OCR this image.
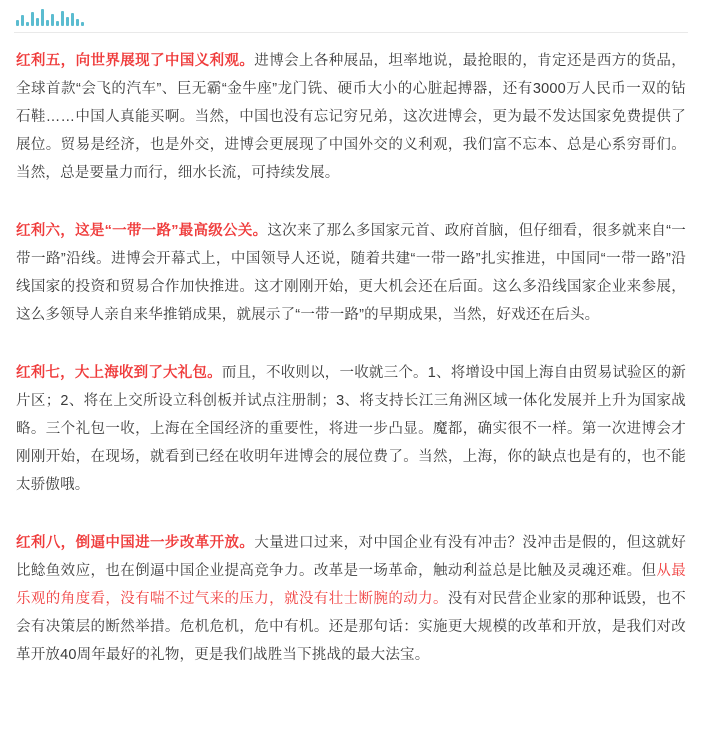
红利五，向世界展现了中国义利观。进博会上各种展品，坦率地说，最抢眼的，肯定还是西方的货品，全球首款“会飞的汽车”、巨无霸“金牛座”龙门铣、硬币大小的心脏起搏器，还有3000万人民币一双的钻石鞋……中国人真能买啊。当然，中国也没有忘记穷兄弟，这次进博会，更为最不发达国家免费提供了展位。贸易是经济，也是外交，进博会更展现了中国外交的义利观，我们富不忘本、总是心系穷哥们。当然，总是要量力而行，细水长流，可持续发展。

红利六，这是“一带一路”最高级公关。这次来了那么多国家元首、政府首脑，但仔细看，很多就来自“一带一路”沿线。进博会开幕式上，中国领导人还说，随着共建“一带一路”扎实推进，中国同“一带一路”沿线国家的投资和贸易合作加快推进。这才刚刚开始，更大机会还在后面。这么多沿线国家企业来参展，这么多领导人亲自来华推销成果，就展示了“一带一路”的早期成果，当然，好戏还在后头。

红利七，大上海收到了大礼包。而且，不收则以，一收就三个。1、将增设中国上海自由贸易试验区的新片区；2、将在上交所设立科创板并试点注册制；3、将支持长江三角洲区域一体化发展并上升为国家战略。三个礼包一收，上海在全国经济的重要性，将进一步凸显。魔都，确实很不一样。第一次进博会才刚刚开始，在现场，就看到已经在收明年进博会的展位费了。当然，上海，你的缺点也是有的，也不能太骄傲哦。

红利八，倒逼中国进一步改革开放。大量进口过来，对中国企业有没有冲击？没冲击是假的，但这就好比鲶鱼效应，也在倒逼中国企业提高竞争力。改革是一场革命，触动利益总是比触及灵魂还难。但从最乐观的角度看，没有喘不过气来的压力，就没有壮士断腕的动力。没有对民营企业家的那种诋毁，也不会有决策层的断然举措。危机危机，危中有机。还是那句话：实施更大规模的改革和开放，是我们对改革开放40周年最好的礼物，更是我们战胜当下挑战的最大法宝。
